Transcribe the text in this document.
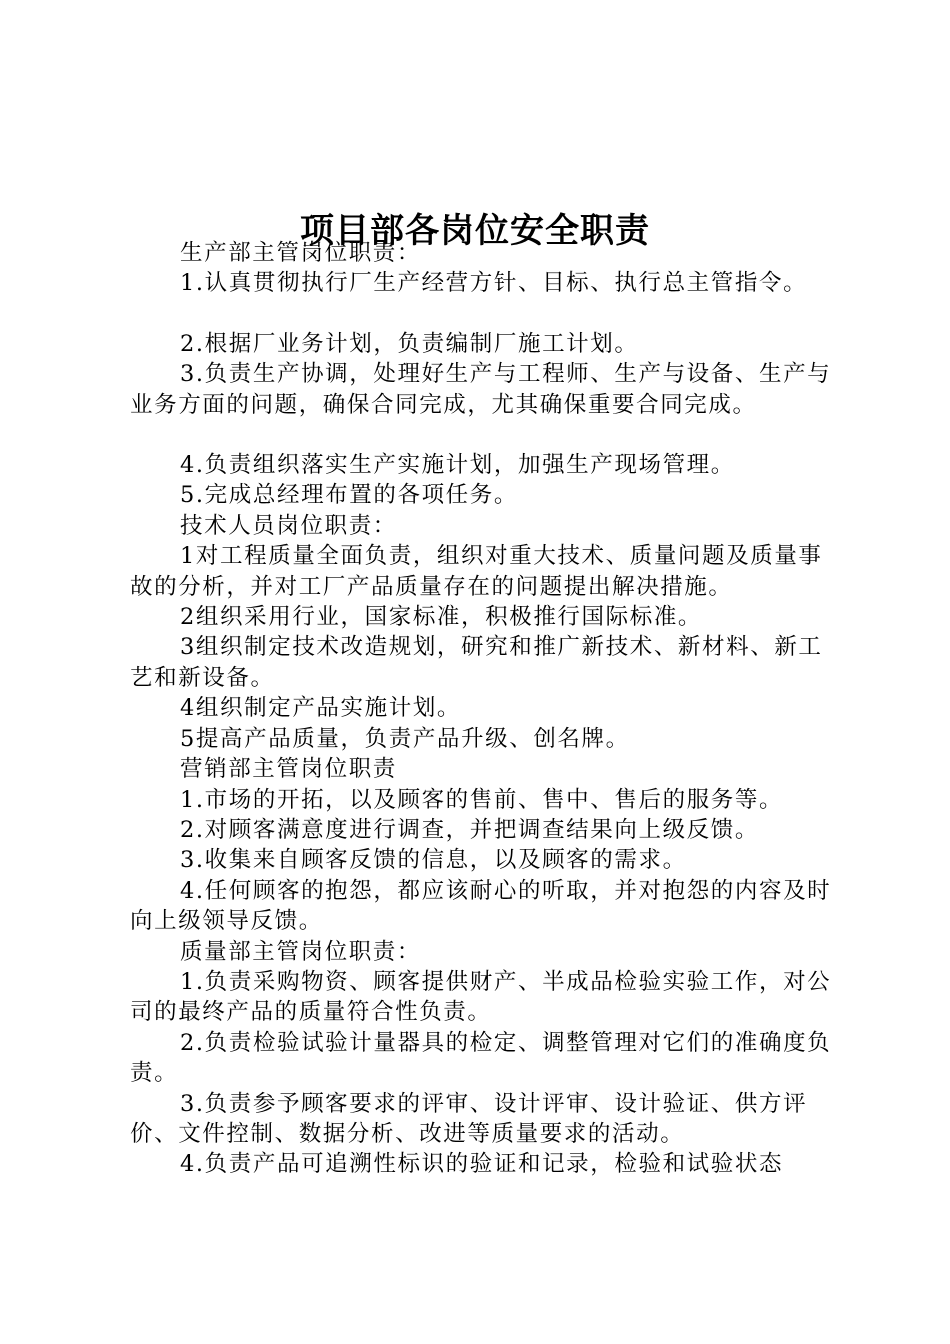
项目部各岗位安全职责

生产部主管岗位职责：

1.认真贯彻执行厂生产经营方针、目标、执行总主管指令。

2.根据厂业务计划，负责编制厂施工计划。

3.负责生产协调，处理好生产与工程师、生产与设备、生产与业务方面的问题，确保合同完成，尤其确保重要合同完成。

4.负责组织落实生产实施计划，加强生产现场管理。

5.完成总经理布置的各项任务。

技术人员岗位职责：

1对工程质量全面负责，组织对重大技术、质量问题及质量事故的分析，并对工厂产品质量存在的问题提出解决措施。

2组织采用行业，国家标准，积极推行国际标准。

3组织制定技术改造规划，研究和推广新技术、新材料、新工艺和新设备。

4组织制定产品实施计划。

5提高产品质量，负责产品升级、创名牌。

营销部主管岗位职责

1.市场的开拓，以及顾客的售前、售中、售后的服务等。

2.对顾客满意度进行调查，并把调查结果向上级反馈。

3.收集来自顾客反馈的信息，以及顾客的需求。

4.任何顾客的抱怨，都应该耐心的听取，并对抱怨的内容及时向上级领导反馈。

质量部主管岗位职责：

1.负责采购物资、顾客提供财产、半成品检验实验工作，对公司的最终产品的质量符合性负责。

2.负责检验试验计量器具的检定、调整管理对它们的准确度负责。

3.负责参予顾客要求的评审、设计评审、设计验证、供方评价、文件控制、数据分析、改进等质量要求的活动。

4.负责产品可追溯性标识的验证和记录，检验和试验状态
